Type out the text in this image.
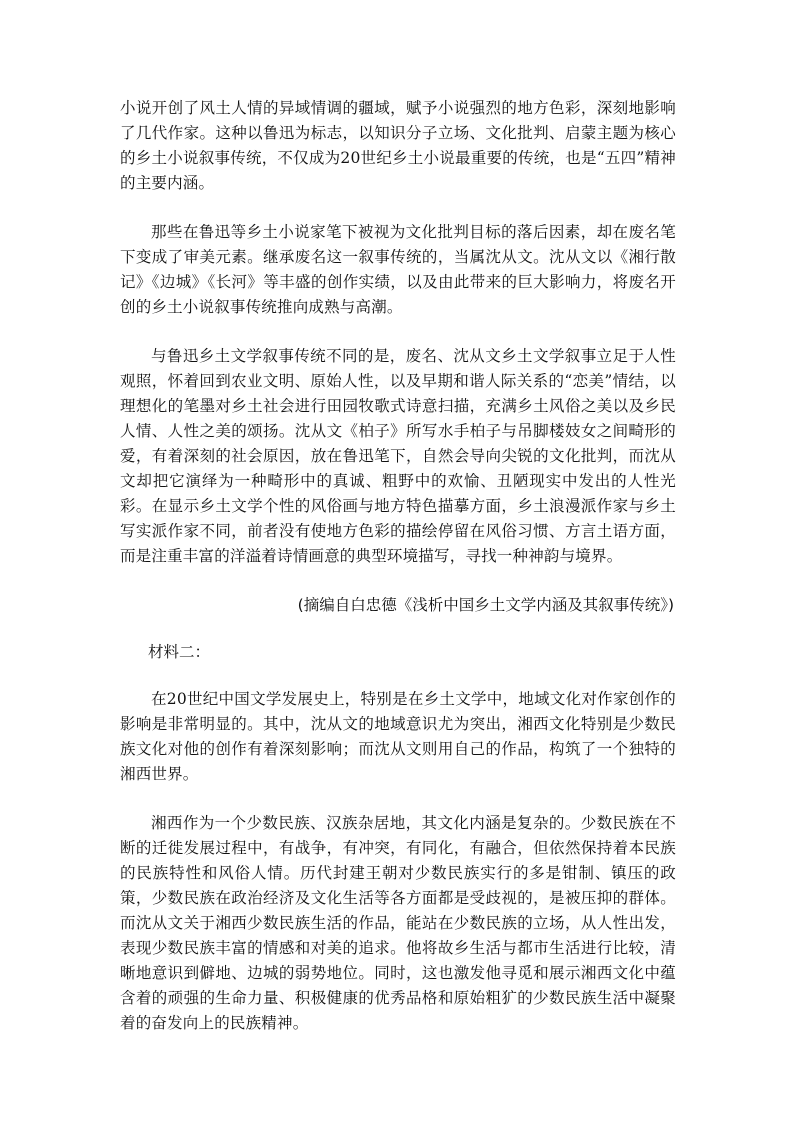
小说开创了风土人情的异域情调的疆域，赋予小说强烈的地方色彩，深刻地影响了几代作家。这种以鲁迅为标志，以知识分子立场、文化批判、启蒙主题为核心的乡土小说叙事传统，不仅成为20世纪乡土小说最重要的传统，也是“五四”精神的主要内涵。

那些在鲁迅等乡土小说家笔下被视为文化批判目标的落后因素，却在废名笔下变成了审美元素。继承废名这一叙事传统的，当属沈从文。沈从文以《湘行散记》《边城》《长河》等丰盛的创作实绩，以及由此带来的巨大影响力，将废名开创的乡土小说叙事传统推向成熟与高潮。

与鲁迅乡土文学叙事传统不同的是，废名、沈从文乡土文学叙事立足于人性观照，怀着回到农业文明、原始人性，以及早期和谐人际关系的“恋美”情结，以理想化的笔墨对乡土社会进行田园牧歌式诗意扫描，充满乡土风俗之美以及乡民人情、人性之美的颂扬。沈从文《柏子》所写水手柏子与吊脚楼妓女之间畸形的爱，有着深刻的社会原因，放在鲁迅笔下，自然会导向尖锐的文化批判，而沈从文却把它演绎为一种畸形中的真诚、粗野中的欢愉、丑陋现实中发出的人性光彩。在显示乡土文学个性的风俗画与地方特色描摹方面，乡土浪漫派作家与乡土写实派作家不同，前者没有使地方色彩的描绘停留在风俗习惯、方言土语方面，而是注重丰富的洋溢着诗情画意的典型环境描写，寻找一种神韵与境界。

(摘编自白忠德《浅析中国乡土文学内涵及其叙事传统》)

材料二：

在20世纪中国文学发展史上，特别是在乡土文学中，地域文化对作家创作的影响是非常明显的。其中，沈从文的地域意识尤为突出，湘西文化特别是少数民族文化对他的创作有着深刻影响；而沈从文则用自己的作品，构筑了一个独特的湘西世界。

湘西作为一个少数民族、汉族杂居地，其文化内涵是复杂的。少数民族在不断的迁徙发展过程中，有战争，有冲突，有同化，有融合，但依然保持着本民族的民族特性和风俗人情。历代封建王朝对少数民族实行的多是钳制、镇压的政策，少数民族在政治经济及文化生活等各方面都是受歧视的，是被压抑的群体。而沈从文关于湘西少数民族生活的作品，能站在少数民族的立场，从人性出发，表现少数民族丰富的情感和对美的追求。他将故乡生活与都市生活进行比较，清晰地意识到僻地、边城的弱势地位。同时，这也激发他寻觅和展示湘西文化中蕴含着的顽强的生命力量、积极健康的优秀品格和原始粗犷的少数民族生活中凝聚着的奋发向上的民族精神。
